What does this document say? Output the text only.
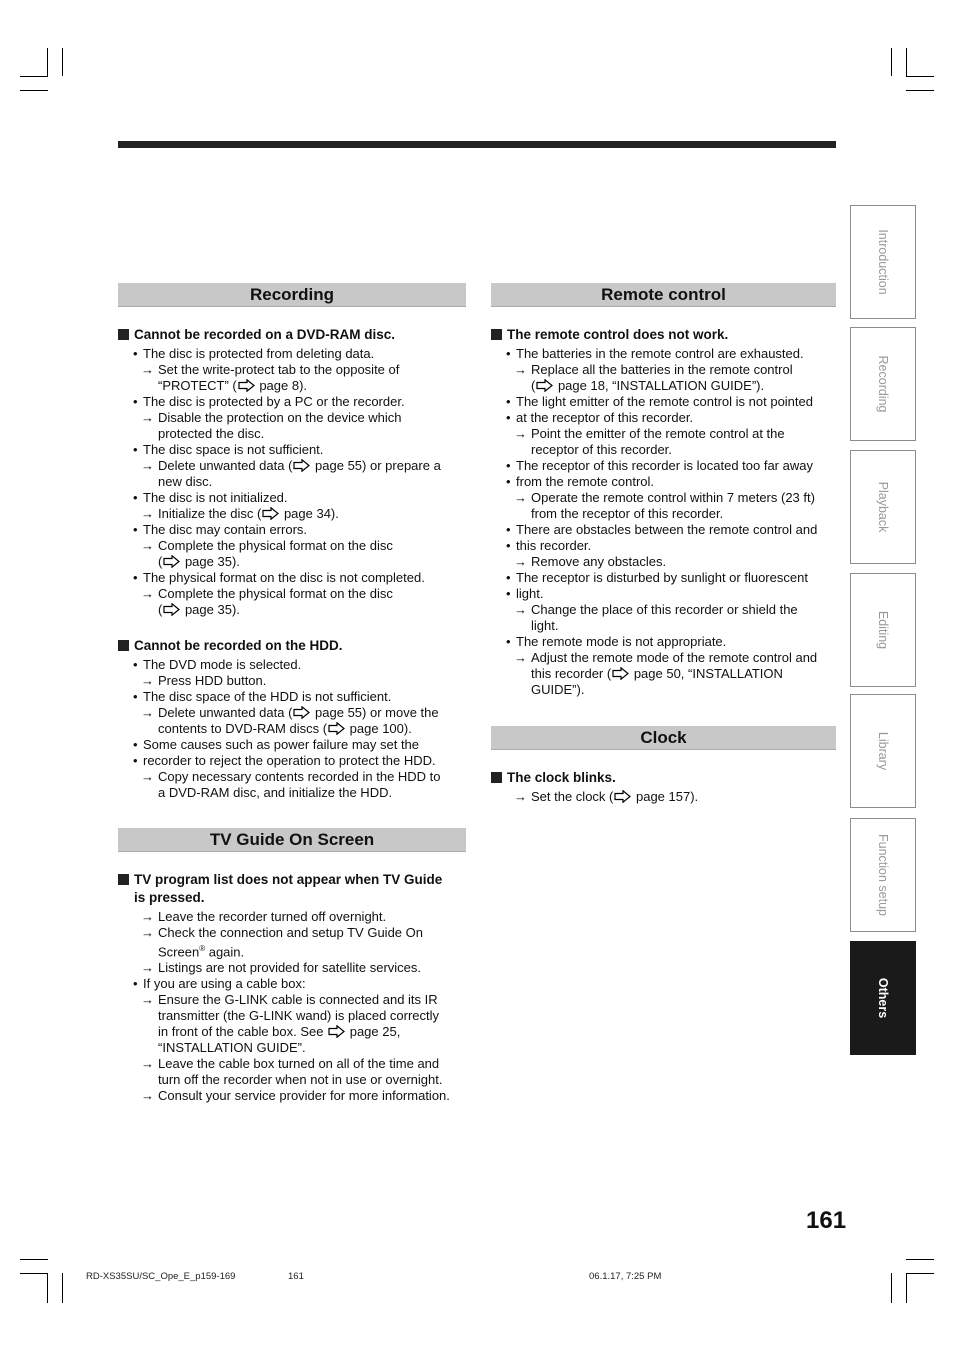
Recording
Cannot be recorded on a DVD-RAM disc.
• The disc is protected from deleting data.
→ Set the write-protect tab to the opposite of
“PROTECT” ( page 8).
• The disc is protected by a PC or the recorder.
→ Disable the protection on the device which
protected the disc.
• The disc space is not sufficient.
→ Delete unwanted data ( page 55) or prepare a
new disc.
• The disc is not initialized.
→ Initialize the disc ( page 34).
• The disc may contain errors.
→ Complete the physical format on the disc
( page 35).
• The physical format on the disc is not completed.
→ Complete the physical format on the disc
( page 35).
Cannot be recorded on the HDD.
• The DVD mode is selected.
→ Press HDD button.
• The disc space of the HDD is not sufficient.
→ Delete unwanted data ( page 55) or move the
contents to DVD-RAM discs ( page 100).
• Some causes such as power failure may set the
• recorder to reject the operation to protect the HDD.
→ Copy necessary contents recorded in the HDD to
a DVD-RAM disc, and initialize the HDD.
TV Guide On Screen
TV program list does not appear when TV Guide
is pressed.
→ Leave the recorder turned off overnight.
→ Check the connection and setup TV Guide On
Screen® again.
→ Listings are not provided for satellite services.
• If you are using a cable box:
→ Ensure the G-LINK cable is connected and its IR
transmitter (the G-LINK wand) is placed correctly
in front of the cable box. See  page 25,
“INSTALLATION GUIDE”.
→ Leave the cable box turned on all of the time and
turn off the recorder when not in use or overnight.
→ Consult your service provider for more information.
Remote control
The remote control does not work.
• The batteries in the remote control are exhausted.
→ Replace all the batteries in the remote control
( page 18, “INSTALLATION GUIDE”).
• The light emitter of the remote control is not pointed
• at the receptor of this recorder.
→ Point the emitter of the remote control at the
receptor of this recorder.
• The receptor of this recorder is located too far away
• from the remote control.
→ Operate the remote control within 7 meters (23 ft)
from the receptor of this recorder.
• There are obstacles between the remote control and
• this recorder.
→ Remove any obstacles.
• The receptor is disturbed by sunlight or fluorescent
• light.
→ Change the place of this recorder or shield the
light.
• The remote mode is not appropriate.
→ Adjust the remote mode of the remote control and
this recorder ( page 50, “INSTALLATION
GUIDE”).
Clock
The clock blinks.
→ Set the clock ( page 157).
Introduction
Recording
Playback
Editing
Library
Function setup
Others
161
RD-XS35SU/SC_Ope_E_p159-169	161	06.1.17, 7:25 PM
